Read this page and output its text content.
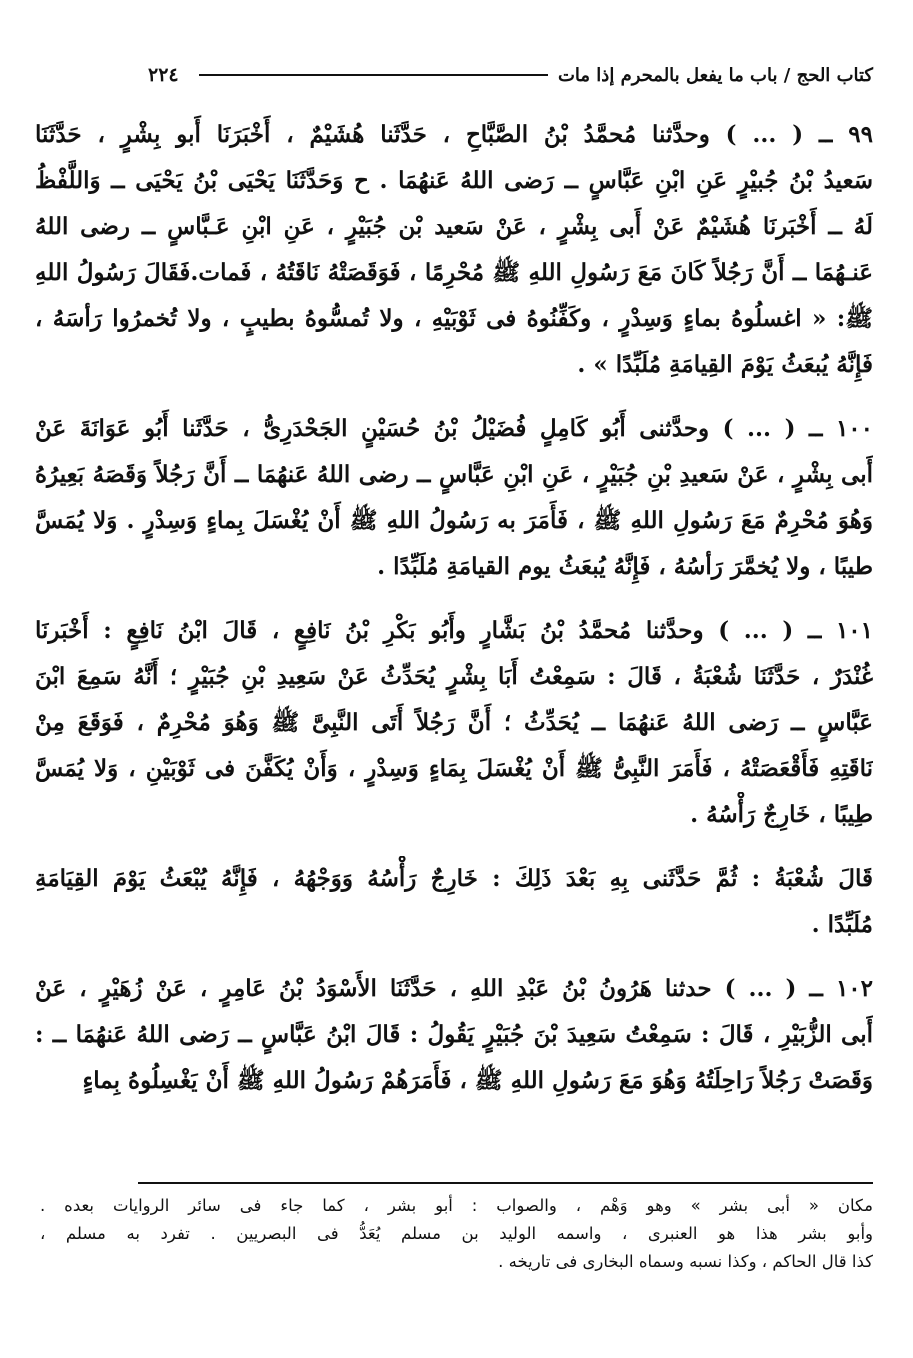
٢٢٤	كتاب الحج / باب ما يفعل بالمحرم إذا مات
٩٩ ــ ( ... ) وحدَّثنا مُحمَّدُ بْنُ الصَّبَّاحِ ، حَدَّثَنا هُشَيْمٌ ، أَخْبَرَنَا أَبو بِشْرٍ ، حَدَّثَنَا
سَعيدُ بْنُ جُبيْرٍ عَنِ ابْنِ عَبَّاسٍ ــ رَضى اللهُ عَنهُمَا . ح وَحَدَّثَنَا يَحْيَى بْنُ يَحْيَى ــ وَاللَّفْظُ
لَهُ ــ أَخْبَرنَا هُشَيْمٌ عَنْ أَبى بِشْرٍ ، عَنْ سَعيد بْن جُبَيْرٍ ، عَنِ ابْنِ عَـبَّاسٍ ــ رضى اللهُ
عَنـهُمَا ــ أَنَّ رَجُلاً كَانَ مَعَ رَسُولِ اللهِ ﷺ مُحْرِمًا ، فَوَقَصَتْهُ نَاقَتُهُ ، فَمات.فَقَالَ رَسُولُ اللهِ
ﷺ: « اغسلُوهُ بماءٍ وَسِدْرٍ ، وكَفِّنُوهُ فى ثَوْبَيْهِ ، ولا تُمسُّوهُ بطيبٍ ، ولا تُخمرُوا رَأسَهُ ،
فَإِنَّهُ يُبعَثُ يَوْمَ القِيامَةِ مُلَبِّدًا » .
١٠٠ ــ ( ... ) وحدَّثنى أَبُو كَامِلٍ فُضَيْلُ بْنُ حُسَيْنٍ الجَحْدَرِىُّ ، حَدَّثَنا أَبُو عَوَانَةَ عَنْ
أَبى بِشْرٍ ، عَنْ سَعيدِ بْنِ جُبَيْرٍ ، عَنِ ابْنِ عَبَّاسٍ ــ رضى اللهُ عَنهُمَا ــ أَنَّ رَجُلاً وَقَصَهُ بَعِيرُهُ
وَهُوَ مُحْرِمٌ مَعَ رَسُولِ اللهِ ﷺ ، فَأَمَرَ به رَسُولُ اللهِ ﷺ أَنْ يُغْسَلَ بِماءٍ وَسِدْرٍ . وَلا يُمَسَّ
طيبًا ، ولا يُخمَّرَ رَأسُهُ ، فَإِنَّهُ يُبعَثُ يوم القيامَةِ مُلَبِّدًا .
١٠١ ــ ( ... ) وحدَّثنا مُحمَّدُ بْنُ بَشَّارٍ وأَبُو بَكْرِ بْنُ نَافِعٍ ، قَالَ ابْنُ نَافِعٍ : أَخْبَرنَا
غُنْدَرٌ ، حَدَّثَنَا شُعْبَةُ ، قَالَ : سَمِعْتُ أَبَا بِشْرٍ يُحَدِّثُ عَنْ سَعِيدِ بْنِ جُبَيْرٍ ؛ أَنَّهُ سَمِعَ ابْنَ
عَبَّاسٍ ــ رَضى اللهُ عَنهُمَا ــ يُحَدِّثُ ؛ أَنَّ رَجُلاً أَتَى النَّبِىَّ ﷺ وَهُوَ مُحْرِمٌ ، فَوَقَعَ مِنْ
نَاقَتِهِ فَأَقْعَصَتْهُ ، فَأَمَرَ النَّبِىُّ ﷺ أَنْ يُغْسَلَ بِمَاءٍ وَسِدْرٍ ، وَأَنْ يُكَفَّنَ فى ثَوْبَيْنِ ، وَلا يُمَسَّ
طِيبًا ، خَارِجٌ رَأْسُهُ .
قَالَ شُعْبَةُ : ثُمَّ حَدَّثَنى بِهِ بَعْدَ ذَلِكَ : خَارِجٌ رَأْسُهُ وَوَجْهُهُ ، فَإِنَّهُ يُبْعَثُ يَوْمَ القِيَامَةِ
مُلَبِّدًا .
١٠٢ ــ ( ... ) حدثنا هَرُونُ بْنُ عَبْدِ اللهِ ، حَدَّثَنَا الأَسْوَدُ بْنُ عَامِرٍ ، عَنْ زُهَيْرٍ ، عَنْ
أَبى الزُّبَيْرِ ، قَالَ : سَمِعْتُ سَعِيدَ بْنَ جُبَيْرٍ يَقُولُ : قَالَ ابْنُ عَبَّاسٍ ــ رَضى اللهُ عَنهُمَا ــ :
وَقَصَتْ رَجُلاً رَاحِلَتُهُ وَهُوَ مَعَ رَسُولِ اللهِ ﷺ ، فَأَمَرَهُمْ رَسُولُ اللهِ ﷺ أَنْ يَغْسِلُوهُ بِماءٍ
مكان « أبى بشر » وهو وَهْم ، والصواب : أبو بشر ، كما جاء فى سائر الروايات بعده .
وأبو بشر هذا هو العنبرى ، واسمه الوليد بن مسلم يُعَدُّ فى البصريين . تفرد به مسلم ،
كذا قال الحاكم ، وكذا نسبه وسماه البخارى فى تاريخه .
